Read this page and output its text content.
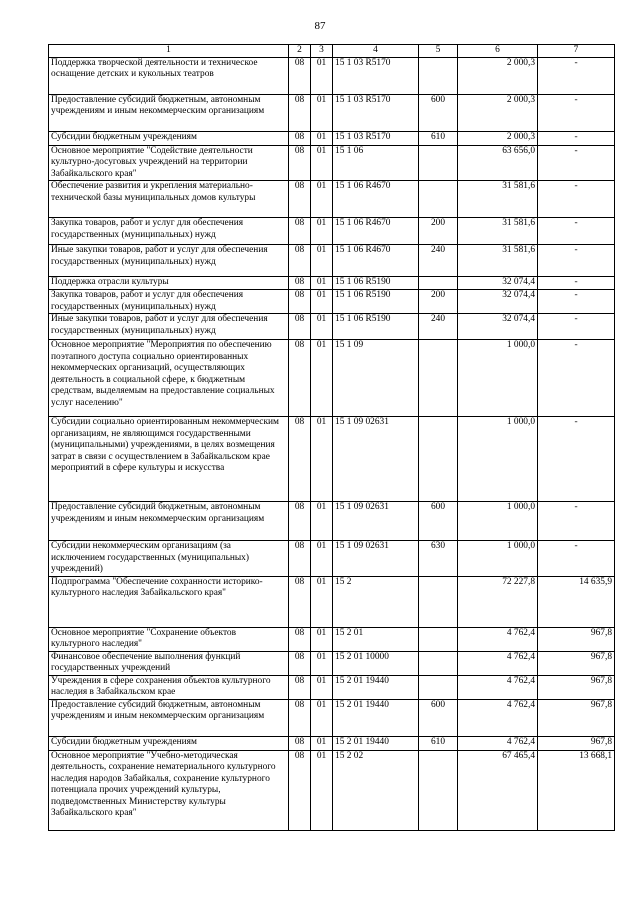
87
1	2	3	4	5	6	7
Поддержка творческой деятельности и техническое оснащение детских и кукольных театров	08	01	15 1 03 R5170		2 000,3	-
Предоставление субсидий бюджетным, автономным учреждениям и иным некоммерческим организациям	08	01	15 1 03 R5170	600	2 000,3	-
Субсидии бюджетным учреждениям	08	01	15 1 03 R5170	610	2 000,3	-
Основное мероприятие "Содействие деятельности культурно-досуговых учреждений на территории Забайкальского края"	08	01	15 1 06		63 656,0	-
Обеспечение развития и укрепления материально-технической базы муниципальных домов культуры	08	01	15 1 06 R4670		31 581,6	-
Закупка товаров, работ и услуг для обеспечения государственных (муниципальных) нужд	08	01	15 1 06 R4670	200	31 581,6	-
Иные закупки товаров, работ и услуг для обеспечения государственных (муниципальных) нужд	08	01	15 1 06 R4670	240	31 581,6	-
Поддержка отрасли культуры	08	01	15 1 06 R5190		32 074,4	-
Закупка товаров, работ и услуг для обеспечения государственных (муниципальных) нужд	08	01	15 1 06 R5190	200	32 074,4	-
Иные закупки товаров, работ и услуг для обеспечения государственных (муниципальных) нужд	08	01	15 1 06 R5190	240	32 074,4	-
Основное мероприятие "Мероприятия по обеспечению поэтапного доступа социально ориентированных некоммерческих организаций, осуществляющих деятельность в социальной сфере, к бюджетным средствам, выделяемым на предоставление социальных услуг населению"	08	01	15 1 09		1 000,0	-
Субсидии социально ориентированным некоммерческим организациям, не являющимся государственными (муниципальными) учреждениями, в целях возмещения затрат в связи с осуществлением в Забайкальском крае мероприятий в сфере культуры и искусства	08	01	15 1 09 02631		1 000,0	-
Предоставление субсидий бюджетным, автономным учреждениям и иным некоммерческим организациям	08	01	15 1 09 02631	600	1 000,0	-
Субсидии некоммерческим организациям (за исключением государственных (муниципальных) учреждений)	08	01	15 1 09 02631	630	1 000,0	-
Подпрограмма "Обеспечение сохранности историко-культурного наследия Забайкальского края"	08	01	15 2		72 227,8	14 635,9
Основное мероприятие "Сохранение объектов культурного наследия"	08	01	15 2 01		4 762,4	967,8
Финансовое обеспечение выполнения функций государственных учреждений	08	01	15 2 01 10000		4 762,4	967,8
Учреждения в сфере сохранения объектов культурного наследия в Забайкальском крае	08	01	15 2 01 19440		4 762,4	967,8
Предоставление субсидий бюджетным, автономным учреждениям и иным некоммерческим организациям	08	01	15 2 01 19440	600	4 762,4	967,8
Субсидии бюджетным учреждениям	08	01	15 2 01 19440	610	4 762,4	967,8
Основное мероприятие "Учебно-методическая деятельность, сохранение нематериального культурного наследия народов Забайкалья, сохранение культурного потенциала прочих учреждений культуры, подведомственных Министерству культуры Забайкальского края"	08	01	15 2 02		67 465,4	13 668,1
